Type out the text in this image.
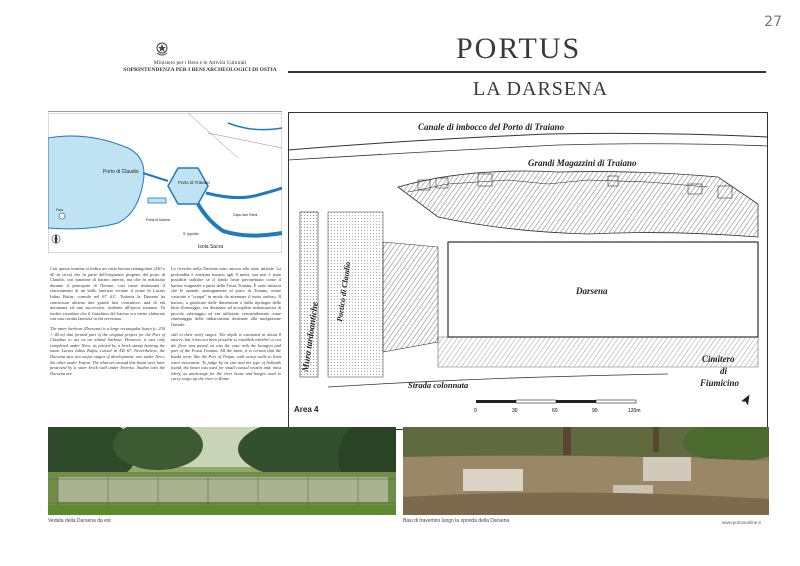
27
Ministero per i Beni e le Attività Culturali
SOPRINTENDENZA PER I BENI ARCHEOLOGICI DI OSTIA
PORTUS
LA DARSENA
Porto di Claudio
Porto di Traiano
Isola Sacra
S. Ippolito
Capo due Rami
Porta di Marina
Faro
Canale di imbocco del Porto di Traiano
Grandi Magazzini di Traiano
Mura tardoantiche
Portico di Claudio	Darsena
Strada colonnata
Cimitero
di
Fiumicino
Area 4	0	30	60	90	120m

Con questo termine si indica un vasto bacino rettangolare (230 x 40 m circa) che fu parte dell'originario progetto del porto di Claudio, con funzione di bacino interno, ma che fu realizzato durante il principato di Nerone, così come testimonia il ritrovamento di un bollo laterizio recante il nome di Lucius Iulius Rufus, console nel 67 d.C. Tuttavia la Darsena ha conosciuto almeno due grandi fasi costruttive, una di età neroniana ed una successiva, risalente all'epoca traianea. Va inoltre ricordato che il fianchino del bacino era meno elaborato con una cortina laterizia in età severiana.

The inner harbour (Darsena) is a large rectangular basin (c. 230 × 40 m) that formed part of the original project for the Port of Claudius to act as an inland harbour. However, it was only completed under Nero, as proved by a brick stamp bearing the name Lucius Iulius Rufus, consul in AD 67. Nevertheless, the Darsena saw two major stages of development: one under Nero, the other under Trajan. The wharves around this basin were later protected by a outer brick wall under Severus. Studies into the Darsena are

Le ricerche nella Darsena sono ancora allo stato iniziale. La profondità è attestata intorno agli 8 metri, ma non è stato possibile stabilire se il fondo fosse pavimentato come il bacino esagonale e parte della Fossa Traiana. È certo tuttavia che le sponde, analogamente al porto di Traiano, erano costruite a "scarpa" in modo da attenuare il moto ondoso. Il bacino, a giudicare dalle dimensioni e dalla tipologia delle bitte d'ormeggio, era destinato ad accogliere imbarcazioni di piccolo cabotaggio ed era utilizzato verosimilmente come rimessaggio delle imbarcazioni destinate alla navigazione fluviale.

still in their early stages. The depth is estimated at about 8 metres, but it has not been possible to establish whether or not the floor was paved, as was the case with the hexagon and part of the Fossa Traiana. All the same, it is certain that the banks were, like the Port of Trajan, with scarp walls to limit wave movement. To judge by its size and the type of bollards found, the basin was used for small coastal vessels and, most likely, as anchorage for the river boats and barges used to carry cargo up the river to Rome.

Veduta della Darsena da est	Basi di travertino lungo la sponda della Darsena	www.portusonline.it
